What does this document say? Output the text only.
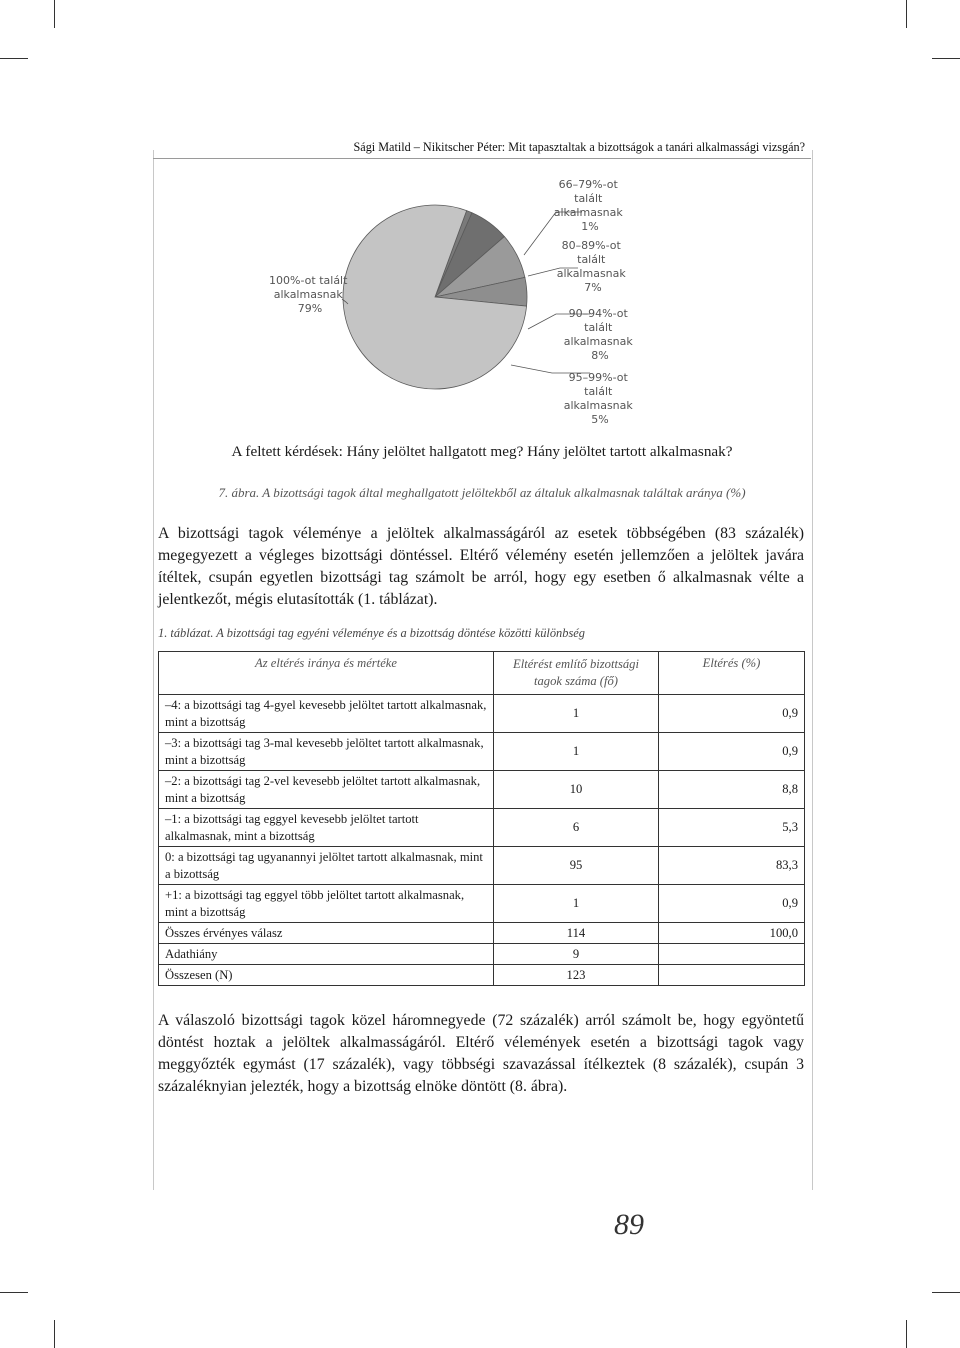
Sági Matild – Nikitscher Péter: Mit tapasztaltak a bizottságok a tanári alkalmassági vizsgán?
100%-ot talált alkalmasnak 79%
66–79%-ot talált alkalmasnak 1%
80–89%-ot talált alkalmasnak 7%
90–94%-ot talált alkalmasnak 8%
95–99%-ot talált alkalmasnak 5%
A feltett kérdések: Hány jelöltet hallgatott meg? Hány jelöltet tartott alkalmasnak?
7. ábra. A bizottsági tagok által meghallgatott jelöltekből az általuk alkalmasnak találtak aránya (%)

A bizottsági tagok véleménye a jelöltek alkalmasságáról az esetek többségében (83 százalék) megegyezett a végleges bizottsági döntéssel. Eltérő vélemény esetén jellemzően a jelöltek javára ítéltek, csupán egyetlen bizottsági tag számolt be arról, hogy egy esetben ő alkalmasnak vélte a jelentkezőt, mégis elutasították (1. táblázat).

1. táblázat. A bizottsági tag egyéni véleménye és a bizottság döntése közötti különbség
Az eltérés iránya és mértéke	Eltérést említő bizottsági tagok száma (fő)	Eltérés (%)
–4: a bizottsági tag 4-gyel kevesebb jelöltet tartott alkalmasnak, mint a bizottság	1	0,9
–3: a bizottsági tag 3-mal kevesebb jelöltet tartott alkalmasnak, mint a bizottság	1	0,9
–2: a bizottsági tag 2-vel kevesebb jelöltet tartott alkalmasnak, mint a bizottság	10	8,8
–1: a bizottsági tag eggyel kevesebb jelöltet tartott alkalmasnak, mint a bizottság	6	5,3
0: a bizottsági tag ugyanannyi jelöltet tartott alkalmasnak, mint a bizottság	95	83,3
+1: a bizottsági tag eggyel több jelöltet tartott alkalmasnak, mint a bizottság	1	0,9
Összes érvényes válasz	114	100,0
Adathiány	9	
Összesen (N)	123	

A válaszoló bizottsági tagok közel háromnegyede (72 százalék) arról számolt be, hogy egyöntetű döntést hoztak a jelöltek alkalmasságáról. Eltérő vélemények esetén a bizottsági tagok vagy meggyőzték egymást (17 százalék), vagy többségi szavazással ítélkeztek (8 százalék), csupán 3 százaléknyian jelezték, hogy a bizottság elnöke döntött (8. ábra).

89
